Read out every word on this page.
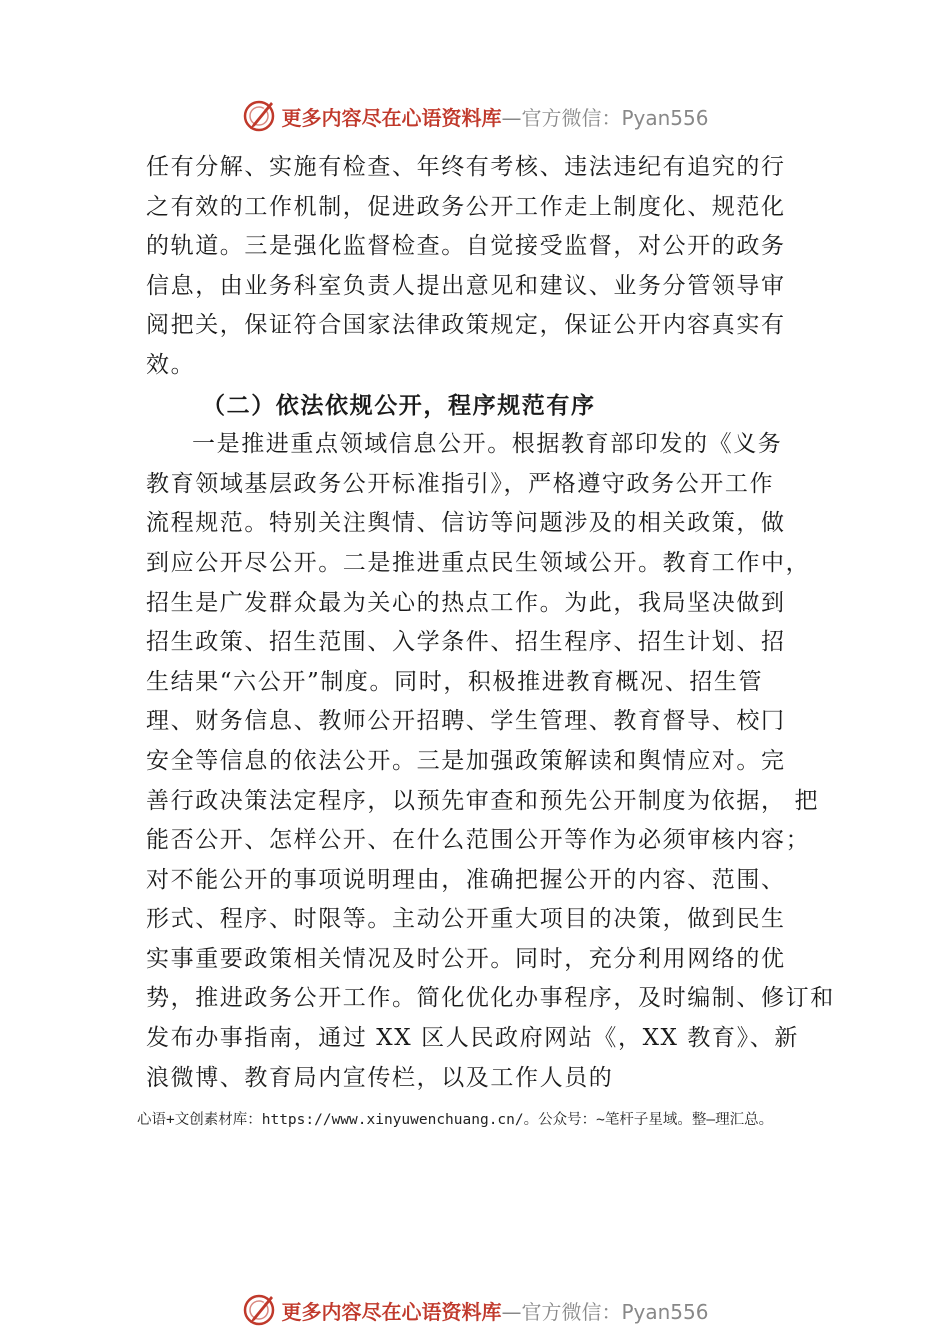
更多内容尽在心语资料库 —官方微信：Pyan556
任有分解、实施有检查、年终有考核、违法违纪有追究的行
之有效的工作机制，促进政务公开工作走上制度化、规范化
的轨道。三是强化监督检查。自觉接受监督，对公开的政务
信息，由业务科室负责人提出意见和建议、业务分管领导审
阅把关，保证符合国家法律政策规定，保证公开内容真实有
效。
（二）依法依规公开，程序规范有序
一是推进重点领域信息公开。根据教育部印发的《义务
教育领域基层政务公开标准指引》，严格遵守政务公开工作
流程规范。特别关注舆情、信访等问题涉及的相关政策，做
到应公开尽公开。二是推进重点民生领域公开。教育工作中，
招生是广发群众最为关心的热点工作。为此，我局坚决做到
招生政策、招生范围、入学条件、招生程序、招生计划、招
生结果“六公开”制度。同时，积极推进教育概况、招生管
理、财务信息、教师公开招聘、学生管理、教育督导、校冂
安全等信息的依法公开。三是加强政策解读和舆情应对。完
善行政决策法定程序，以预先审查和预先公开制度为依据， 把
能否公开、怎样公开、在什么范围公开等作为必须审核内容；
对不能公开的事项说明理由，准确把握公开的内容、范围、
形式、程序、时限等。主动公开重大项目的决策，做到民生
实事重要政策相关情况及时公开。同时，充分利用网络的优
势，推进政务公开工作。简化优化办事程序，及时编制、修订和
发布办事指南，通过 XX 区人民政府网站《，XX 教育》、新
浪微博、教育局内宣传栏，以及工作人员的
心语+文创素材库：https://www.xinyuwenchuang.cn/。公众号：~笔杆子星域。整—理汇总。
更多内容尽在心语资料库 —官方微信：Pyan556
